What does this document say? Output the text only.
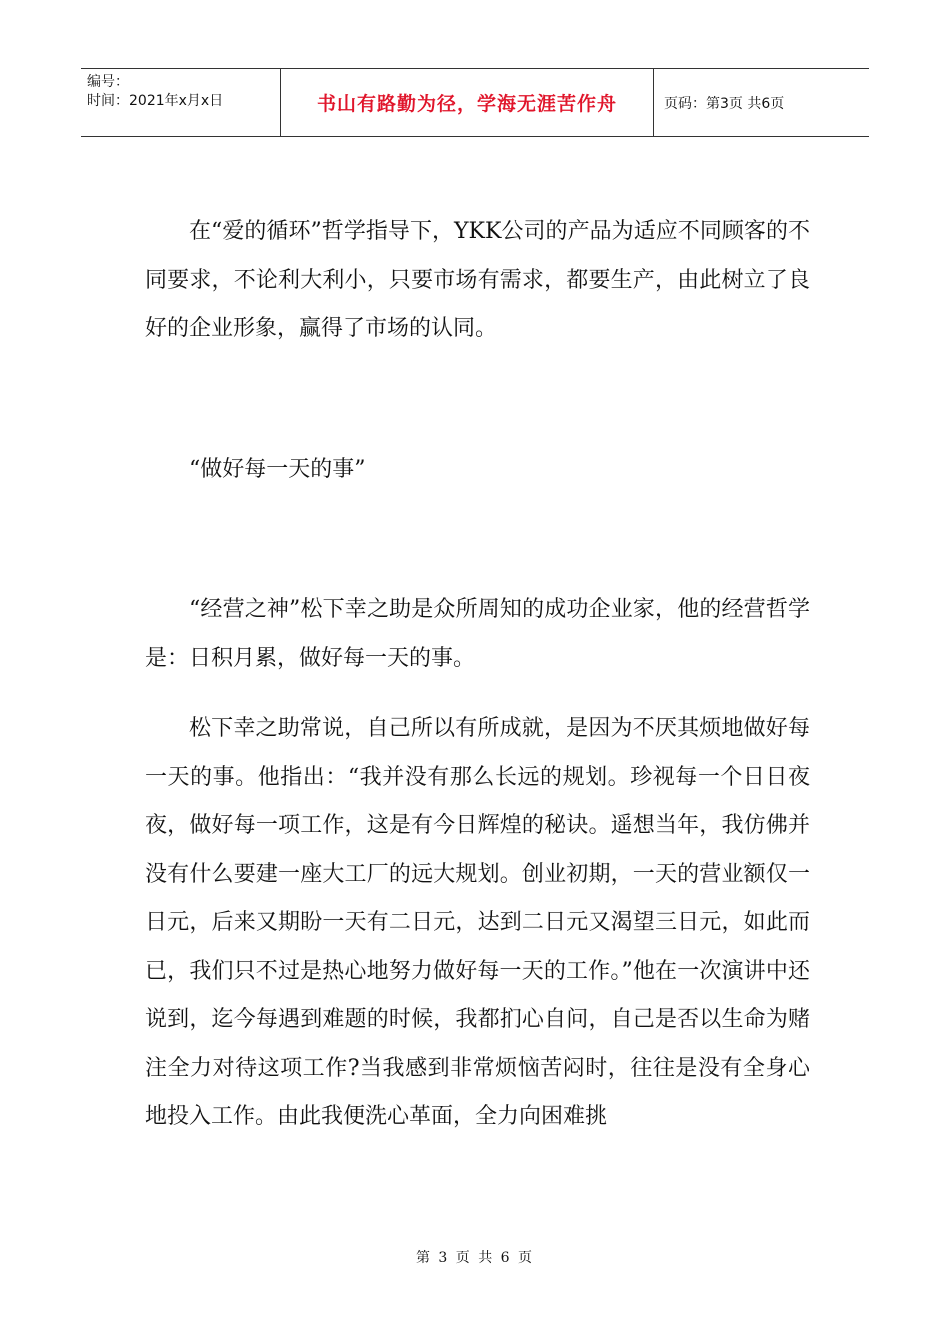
编号：
时间：2021年x月x日	书山有路勤为径，学海无涯苦作舟	页码：第3页 共6页

在“爱的循环”哲学指导下，YKK公司的产品为适应不同顾客的不同要求，不论利大利小，只要市场有需求，都要生产，由此树立了良好的企业形象，赢得了市场的认同。

“做好每一天的事”

“经营之神”松下幸之助是众所周知的成功企业家，他的经营哲学是：日积月累，做好每一天的事。

松下幸之助常说，自己所以有所成就，是因为不厌其烦地做好每一天的事。他指出：“我并没有那么长远的规划。珍视每一个日日夜夜，做好每一项工作，这是有今日辉煌的秘诀。遥想当年，我仿佛并没有什么要建一座大工厂的远大规划。创业初期，一天的营业额仅一日元，后来又期盼一天有二日元，达到二日元又渴望三日元，如此而已，我们只不过是热心地努力做好每一天的工作。”他在一次演讲中还说到，迄今每遇到难题的时候，我都扪心自问，自己是否以生命为赌注全力对待这项工作?当我感到非常烦恼苦闷时，往往是没有全身心地投入工作。由此我便洗心革面，全力向困难挑

第 3 页 共 6 页
